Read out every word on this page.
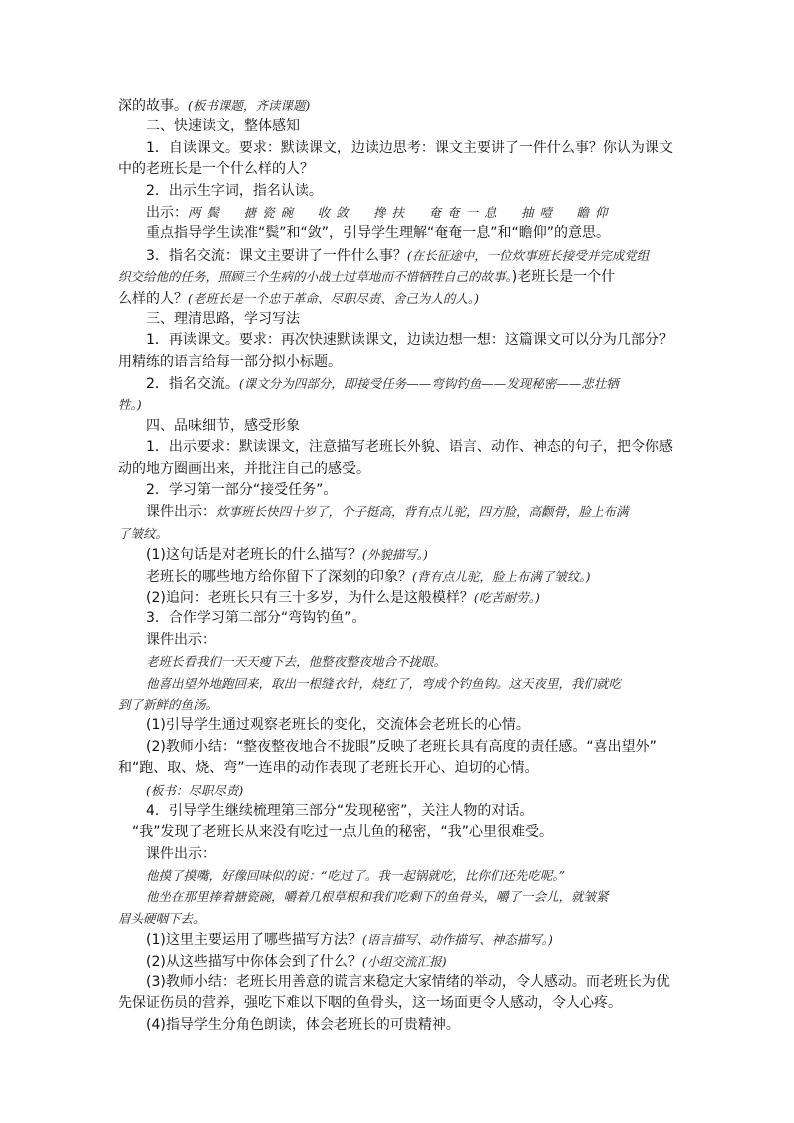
深的故事。(板书课题，齐读课题)
二、快速读文，整体感知
1．自读课文。要求：默读课文，边读边思考：课文主要讲了一件什么事？你认为课文
中的老班长是一个什么样的人？
2．出示生字词，指名认读。
出示：两鬓　搪瓷碗　收敛　搀扶　奄奄一息　抽噎　瞻仰
重点指导学生读准“鬓”和“敛”，引导学生理解“奄奄一息”和“瞻仰”的意思。
3．指名交流：课文主要讲了一件什么事？(在长征途中，一位炊事班长接受并完成党组
织交给他的任务，照顾三个生病的小战士过草地而不惜牺牲自己的故事。)老班长是一个什
么样的人？(老班长是一个忠于革命、尽职尽责、舍己为人的人。)
三、理清思路，学习写法
1．再读课文。要求：再次快速默读课文，边读边想一想：这篇课文可以分为几部分？
用精练的语言给每一部分拟小标题。
2．指名交流。(课文分为四部分，即接受任务——弯钩钓鱼——发现秘密——悲壮牺
牲。)
四、品味细节，感受形象
1．出示要求：默读课文，注意描写老班长外貌、语言、动作、神态的句子，把令你感
动的地方圈画出来，并批注自己的感受。
2．学习第一部分“接受任务”。
课件出示：炊事班长快四十岁了，个子挺高，背有点儿驼，四方脸，高颧骨，脸上布满
了皱纹。
(1)这句话是对老班长的什么描写？(外貌描写。)
老班长的哪些地方给你留下了深刻的印象？(背有点儿驼，脸上布满了皱纹。)
(2)追问：老班长只有三十多岁，为什么是这般模样？(吃苦耐劳。)
3．合作学习第二部分“弯钩钓鱼”。
课件出示：
老班长看我们一天天瘦下去，他整夜整夜地合不拢眼。
他喜出望外地跑回来，取出一根缝衣针，烧红了，弯成个钓鱼钩。这天夜里，我们就吃
到了新鲜的鱼汤。
(1)引导学生通过观察老班长的变化，交流体会老班长的心情。
(2)教师小结：“整夜整夜地合不拢眼”反映了老班长具有高度的责任感。“喜出望外”
和“跑、取、烧、弯”一连串的动作表现了老班长开心、迫切的心情。
(板书：尽职尽责)
4．引导学生继续梳理第三部分“发现秘密”，关注人物的对话。
“我”发现了老班长从来没有吃过一点儿鱼的秘密，“我”心里很难受。
课件出示：
他摸了摸嘴，好像回味似的说：“吃过了。我一起锅就吃，比你们还先吃呢。”
他坐在那里捧着搪瓷碗，嚼着几根草根和我们吃剩下的鱼骨头，嚼了一会儿，就皱紧
眉头硬咽下去。
(1)这里主要运用了哪些描写方法？(语言描写、动作描写、神态描写。)
(2)从这些描写中你体会到了什么？(小组交流汇报)
(3)教师小结：老班长用善意的谎言来稳定大家情绪的举动，令人感动。而老班长为优
先保证伤员的营养，强吃下难以下咽的鱼骨头，这一场面更令人感动，令人心疼。
(4)指导学生分角色朗读，体会老班长的可贵精神。
